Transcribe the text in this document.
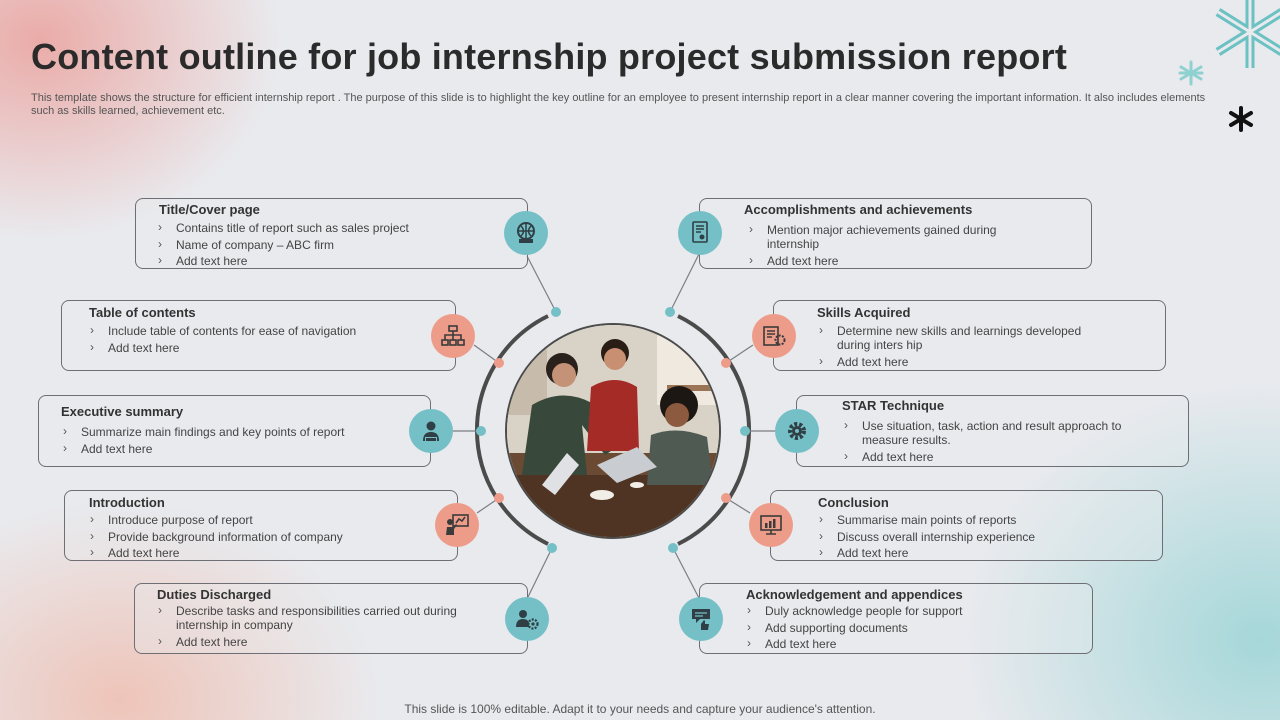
Content outline for job internship project submission report

This template shows the structure for efficient internship report . The purpose of this slide is to highlight the key outline for an employee to present internship report in a clear manner covering the important information. It also includes elements such as skills learned, achievement etc.

Title/Cover page
› Contains title of report such as sales project
› Name of company – ABC firm
› Add text here
Table of contents
› Include table of contents for ease of navigation
› Add text here
Executive summary
› Summarize main findings and key points of report
› Add text here
Introduction
› Introduce purpose of report
› Provide background information of company
› Add text here
Duties Discharged
› Describe tasks and responsibilities carried out during internship in company
› Add text here
Accomplishments and achievements
› Mention major achievements gained during internship
› Add text here
Skills Acquired
› Determine new skills and learnings developed during inters hip
› Add text here
STAR Technique
› Use situation, task, action and result approach to measure results.
› Add text here
Conclusion
› Summarise main points of reports
› Discuss overall internship experience
› Add text here
Acknowledgement and appendices
› Duly acknowledge people for support
› Add supporting documents
› Add text here
This slide is 100% editable. Adapt it to your needs and capture your audience's attention.
